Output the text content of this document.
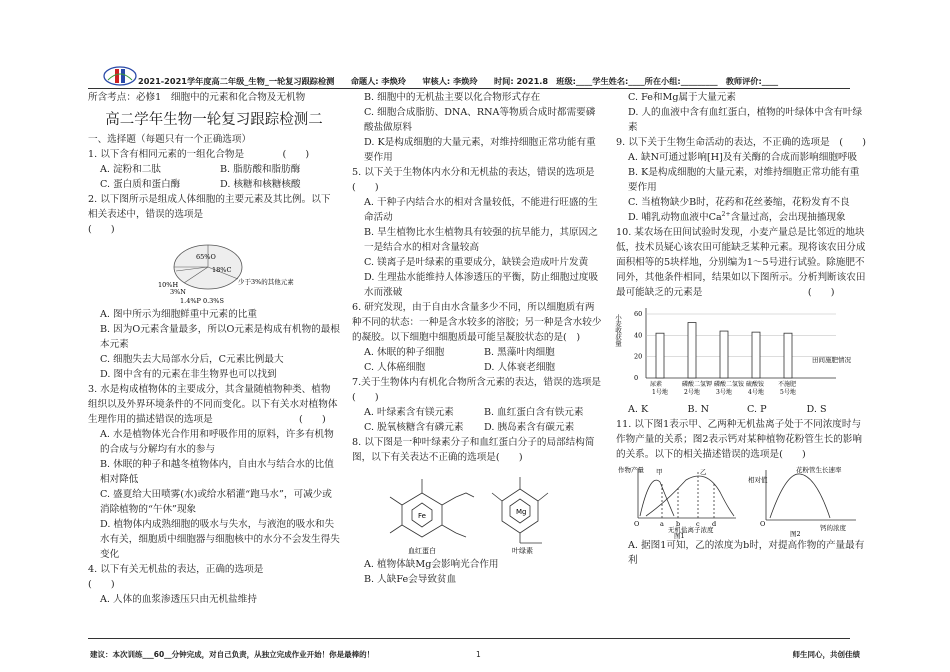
2021-2021学年度高二年级_生物_一轮复习跟踪检测　　命题人: 李焕玲　　审核人: 李焕玲　　时间: 2021.8　班级:____学生姓名:____所在小组:_________　教师评价:____

所含考点：必修1　细胞中的元素和化合物及无机物

高二学年生物一轮复习跟踪检测二

一、选择题（每题只有一个正确选项）

1. 以下含有相同元素的一组化合物是　　　　(　　)

A. 淀粉和二肽	B. 脂肪酸和脂肪酶
C. 蛋白质和蛋白酶	D. 核糖和核糖核酸

2. 以下图所示是组成人体细胞的主要元素及其比例。以下相关表述中，错误的选项是　　　　　　　　　　　　　　(　　)

65%O
18%C
10%H
3%N
少于3%的其他元素
1.4%P 0.3%S

A. 图中所示为细胞鲜重中元素的比重

B. 因为O元素含量最多，所以O元素是构成有机物的最根本元素

C. 细胞失去大局部水分后，C元素比例最大

D. 图中含有的元素在非生物界也可以找到

3. 水是构成植物体的主要成分，其含量随植物种类、植物组织以及外界环境条件的不同而变化。以下有关水对植物体生理作用的描述错误的选项是　　　　　　　　　(　　)

A. 水是植物体光合作用和呼吸作用的原料，许多有机物的合成与分解均有水的参与

B. 休眠的种子和越冬植物体内，自由水与结合水的比值相对降低

C. 盛夏给大田喷雾(水)或给水稻灌“跑马水”，可减少或消除植物的“午休”现象

D. 植物体内成熟细胞的吸水与失水，与液泡的吸水和失水有关，细胞质中细胞器与细胞核中的水分不会发生得失变化

4. 以下有关无机盐的表达，正确的选项是　　　　　　(　　)

A. 人体的血浆渗透压只由无机盐维持

B. 细胞中的无机盐主要以化合物形式存在

C. 细胞合成脂肪、DNA、RNA等物质合成时都需要磷酸盐做原料

D. K是构成细胞的大量元素，对维持细胞正常功能有重要作用

5. 以下关于生物体内水分和无机盐的表达，错误的选项是(　　)

A. 干种子内结合水的相对含量较低，不能进行旺盛的生命活动

B. 旱生植物比水生植物具有较强的抗旱能力，其原因之一是结合水的相对含量较高

C. 镁离子是叶绿素的重要成分，缺镁会造成叶片发黄

D. 生理盐水能维持人体渗透压的平衡，防止细胞过度吸水而涨破

6. 研究发现，由于自由水含量多少不同，所以细胞质有两种不同的状态：一种是含水较多的溶胶；另一种是含水较少的凝胶。以下细胞中细胞质最可能呈凝胶状态的是(　)

A. 休眠的种子细胞	B. 黑藻叶肉细胞
C. 人体癌细胞	D. 人体衰老细胞

7.关于生物体内有机化合物所含元素的表达，错误的选项是(　　)

A. 叶绿素含有镁元素	B. 血红蛋白含有铁元素
C. 脱氧核糖含有磷元素	D. 胰岛素含有碳元素

8. 以下图是一种叶绿素分子和血红蛋白分子的局部结构简图，以下有关表达不正确的选项是(　　)

Fe
血红蛋白
Mg
叶绿素

A. 植物体缺Mg会影响光合作用

B. 人缺Fe会导致贫血

C. Fe和Mg属于大量元素

D. 人的血液中含有血红蛋白，植物的叶绿体中含有叶绿素

9. 以下关于生物生命活动的表达，不正确的选项是　(　　)

A. 缺N可通过影响[H]及有关酶的合成而影响细胞呼吸

B. K是构成细胞的大量元素，对维持细胞正常功能有重要作用

C. 当植物缺少B时，花药和花丝萎缩，花粉发育不良

D. 哺乳动物血液中$Ca^{2+}$含量过高，会出现抽搐现象

10. 某农场在田间试验时发现，小麦产量总是比邻近的地块低，技术员疑心该农田可能缺乏某种元素。现将该农田分成面积相等的5块样地，分别编为1～5号进行试验。除施肥不同外，其他条件相同，结果如以下图所示。分析判断该农田最可能缺乏的元素是　　　　　　　　　　　(　　)

小麦收获量
田间施肥情况
0
20
40
60
尿素
1号地
磷酸二氢钾
2号地
磷酸二氢铵
3号地
硫酸铵
4号地
不施肥
5号地
A. K	B. N	C. P	D. S

11. 以下图1表示甲、乙两种无机盐离子处于不同浓度时与作物产量的关系；图2表示钙对某种植物花粉管生长的影响的关系。以下的相关描述错误的选项是(　　)

作物产量 甲	乙
O	a b c d
无机盐离子浓度
图1
相对值
花粉管生长速率
O	钙的浓度
图2

A. 据图1可知，乙的浓度为b时，对提高作物的产量最有利

建议：本次训练___60__分钟完成，对自己负责，从独立完成作业开始！你是最棒的！	1	师生同心，共创佳绩
